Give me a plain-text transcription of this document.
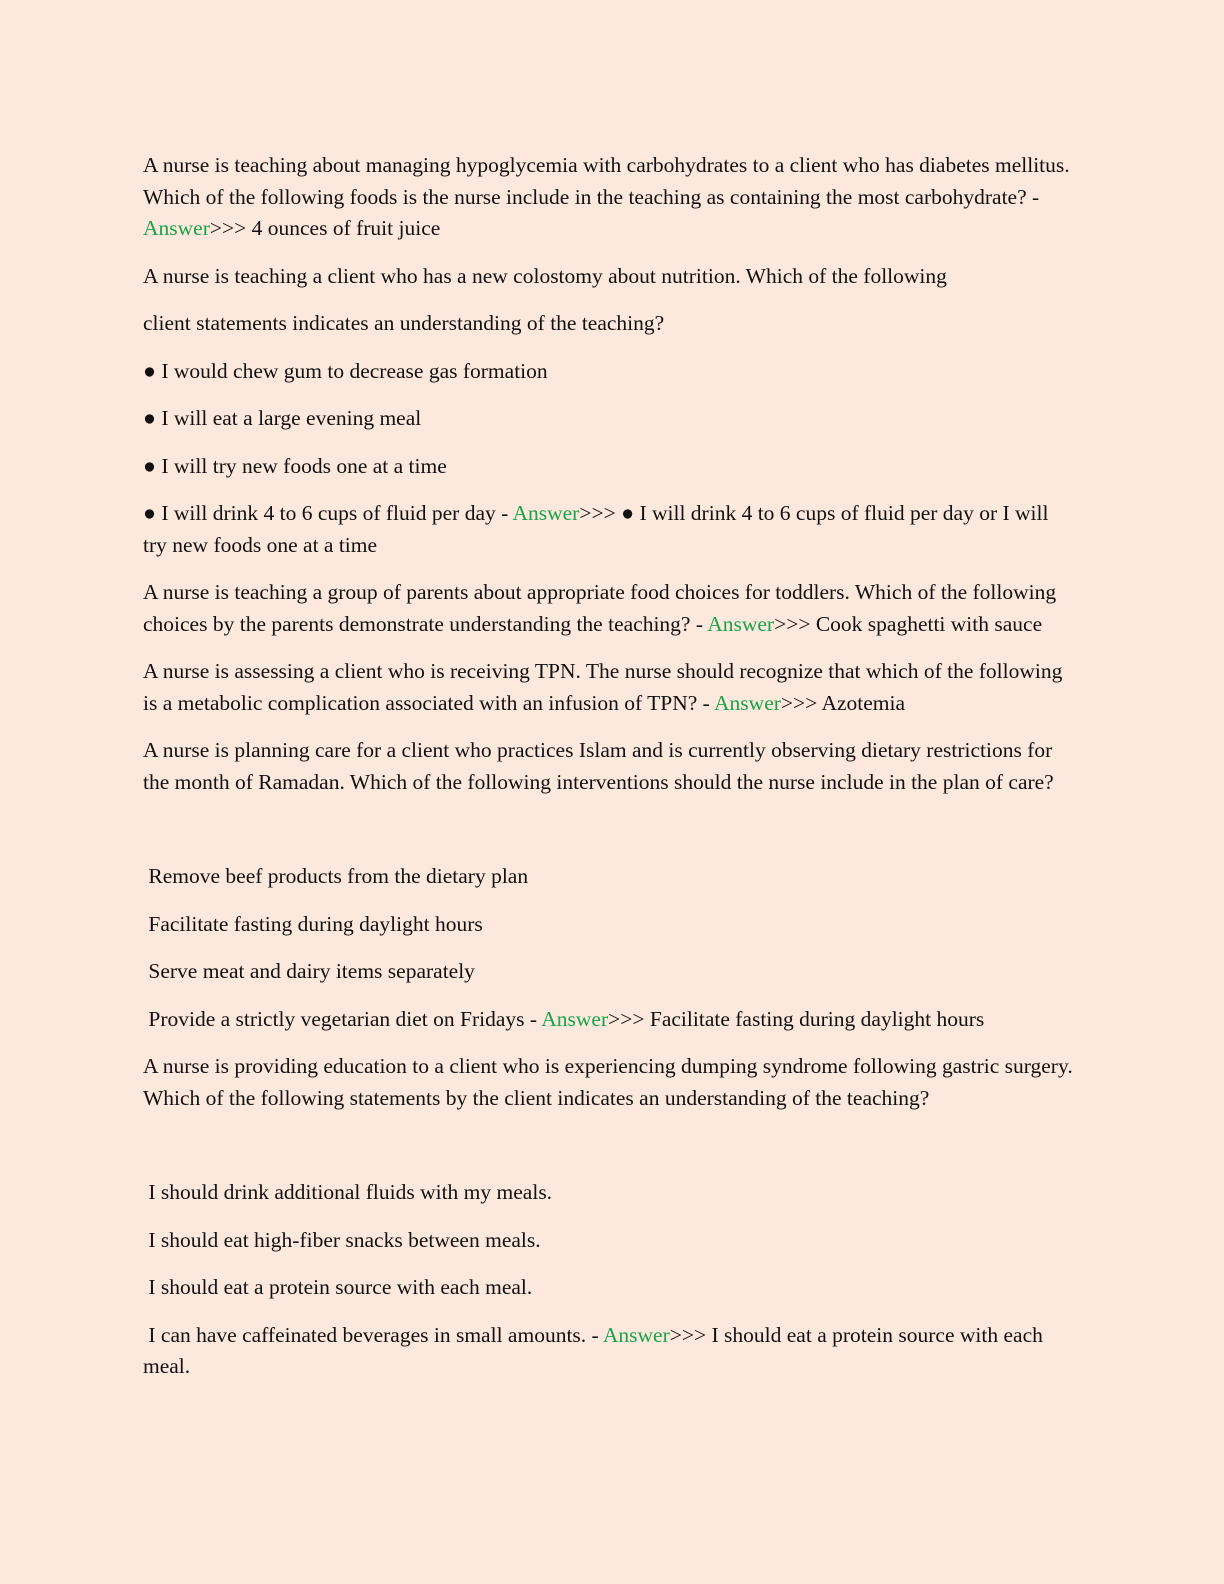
A nurse is teaching about managing hypoglycemia with carbohydrates to a client who has diabetes mellitus. Which of the following foods is the nurse include in the teaching as containing the most carbohydrate? - Answer>>> 4 ounces of fruit juice

A nurse is teaching a client who has a new colostomy about nutrition. Which of the following

client statements indicates an understanding of the teaching?

● I would chew gum to decrease gas formation

● I will eat a large evening meal

● I will try new foods one at a time

● I will drink 4 to 6 cups of fluid per day - Answer>>> ● I will drink 4 to 6 cups of fluid per day or I will try new foods one at a time

A nurse is teaching a group of parents about appropriate food choices for toddlers. Which of the following choices by the parents demonstrate understanding the teaching? - Answer>>> Cook spaghetti with sauce

A nurse is assessing a client who is receiving TPN. The nurse should recognize that which of the following is a metabolic complication associated with an infusion of TPN? - Answer>>> Azotemia

A nurse is planning care for a client who practices Islam and is currently observing dietary restrictions for the month of Ramadan. Which of the following interventions should the nurse include in the plan of care?

Remove beef products from the dietary plan

Facilitate fasting during daylight hours

Serve meat and dairy items separately

Provide a strictly vegetarian diet on Fridays - Answer>>> Facilitate fasting during daylight hours

A nurse is providing education to a client who is experiencing dumping syndrome following gastric surgery. Which of the following statements by the client indicates an understanding of the teaching?

I should drink additional fluids with my meals.

I should eat high-fiber snacks between meals.

I should eat a protein source with each meal.

I can have caffeinated beverages in small amounts. - Answer>>> I should eat a protein source with each meal.
